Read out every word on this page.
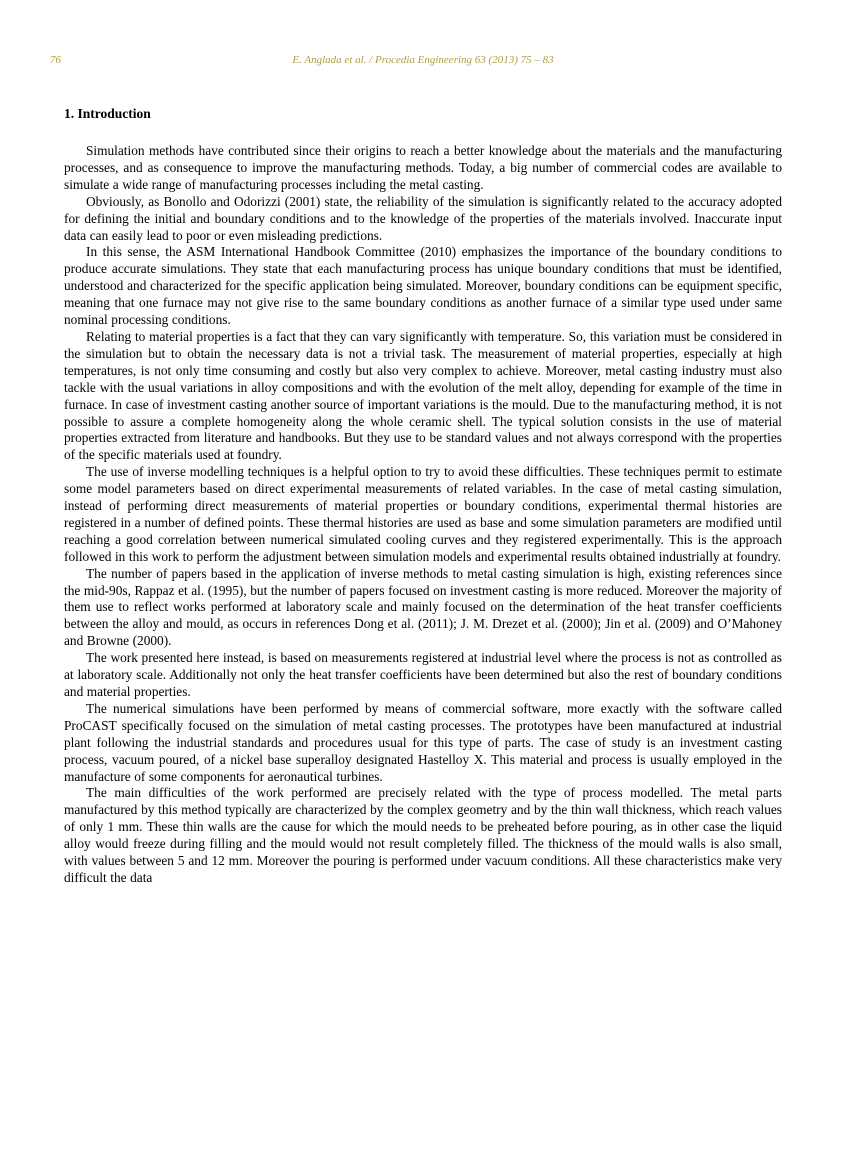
76	E. Anglada et al. / Procedia Engineering 63 (2013) 75 – 83
1. Introduction

Simulation methods have contributed since their origins to reach a better knowledge about the materials and the manufacturing processes, and as consequence to improve the manufacturing methods. Today, a big number of commercial codes are available to simulate a wide range of manufacturing processes including the metal casting.

Obviously, as Bonollo and Odorizzi (2001) state, the reliability of the simulation is significantly related to the accuracy adopted for defining the initial and boundary conditions and to the knowledge of the properties of the materials involved. Inaccurate input data can easily lead to poor or even misleading predictions.

In this sense, the ASM International Handbook Committee (2010) emphasizes the importance of the boundary conditions to produce accurate simulations. They state that each manufacturing process has unique boundary conditions that must be identified, understood and characterized for the specific application being simulated. Moreover, boundary conditions can be equipment specific, meaning that one furnace may not give rise to the same boundary conditions as another furnace of a similar type used under same nominal processing conditions.

Relating to material properties is a fact that they can vary significantly with temperature. So, this variation must be considered in the simulation but to obtain the necessary data is not a trivial task. The measurement of material properties, especially at high temperatures, is not only time consuming and costly but also very complex to achieve. Moreover, metal casting industry must also tackle with the usual variations in alloy compositions and with the evolution of the melt alloy, depending for example of the time in furnace. In case of investment casting another source of important variations is the mould. Due to the manufacturing method, it is not possible to assure a complete homogeneity along the whole ceramic shell. The typical solution consists in the use of material properties extracted from literature and handbooks. But they use to be standard values and not always correspond with the properties of the specific materials used at foundry.

The use of inverse modelling techniques is a helpful option to try to avoid these difficulties. These techniques permit to estimate some model parameters based on direct experimental measurements of related variables. In the case of metal casting simulation, instead of performing direct measurements of material properties or boundary conditions, experimental thermal histories are registered in a number of defined points. These thermal histories are used as base and some simulation parameters are modified until reaching a good correlation between numerical simulated cooling curves and they registered experimentally. This is the approach followed in this work to perform the adjustment between simulation models and experimental results obtained industrially at foundry.

The number of papers based in the application of inverse methods to metal casting simulation is high, existing references since the mid-90s, Rappaz et al. (1995), but the number of papers focused on investment casting is more reduced. Moreover the majority of them use to reflect works performed at laboratory scale and mainly focused on the determination of the heat transfer coefficients between the alloy and mould, as occurs in references Dong et al. (2011); J. M. Drezet et al. (2000); Jin et al. (2009) and O’Mahoney and Browne (2000).

The work presented here instead, is based on measurements registered at industrial level where the process is not as controlled as at laboratory scale. Additionally not only the heat transfer coefficients have been determined but also the rest of boundary conditions and material properties.

The numerical simulations have been performed by means of commercial software, more exactly with the software called ProCAST specifically focused on the simulation of metal casting processes. The prototypes have been manufactured at industrial plant following the industrial standards and procedures usual for this type of parts. The case of study is an investment casting process, vacuum poured, of a nickel base superalloy designated Hastelloy X. This material and process is usually employed in the manufacture of some components for aeronautical turbines.

The main difficulties of the work performed are precisely related with the type of process modelled. The metal parts manufactured by this method typically are characterized by the complex geometry and by the thin wall thickness, which reach values of only 1 mm. These thin walls are the cause for which the mould needs to be preheated before pouring, as in other case the liquid alloy would freeze during filling and the mould would not result completely filled. The thickness of the mould walls is also small, with values between 5 and 12 mm. Moreover the pouring is performed under vacuum conditions. All these characteristics make very difficult the data
